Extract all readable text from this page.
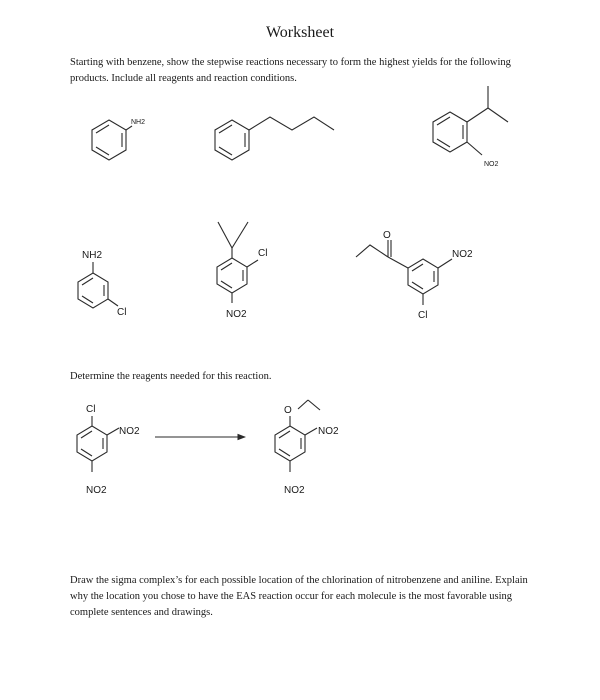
Worksheet
Starting with benzene, show the stepwise reactions necessary to form the highest yields for the following products. Include all reagents and reaction conditions.
Determine the reagents needed for this reaction.
Draw the sigma complex’s for each possible location of the chlorination of nitrobenzene and aniline. Explain why the location you chose to have the EAS reaction occur for each molecule is the most favorable using complete sentences and drawings.
NH2
NO2
NH2
Cl
Cl
NO2
O
NO2
Cl
Cl
NO2
NO2
O
NO2
NO2
